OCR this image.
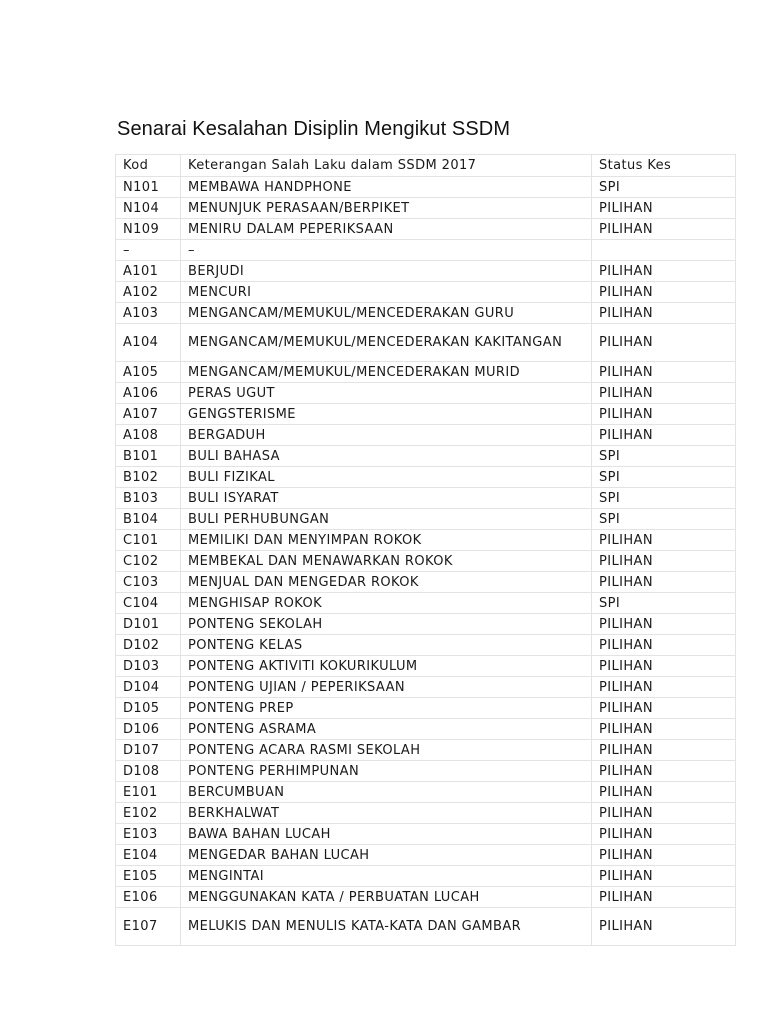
Senarai Kesalahan Disiplin Mengikut SSDM
Kod	Keterangan Salah Laku dalam SSDM 2017	Status Kes
N101	MEMBAWA HANDPHONE	SPI
N104	MENUNJUK PERASAAN/BERPIKET	PILIHAN
N109	MENIRU DALAM PEPERIKSAAN	PILIHAN
–	–	
A101	BERJUDI	PILIHAN
A102	MENCURI	PILIHAN
A103	MENGANCAM/MEMUKUL/MENCEDERAKAN GURU	PILIHAN
A104	MENGANCAM/MEMUKUL/MENCEDERAKAN KAKITANGAN	PILIHAN
A105	MENGANCAM/MEMUKUL/MENCEDERAKAN MURID	PILIHAN
A106	PERAS UGUT	PILIHAN
A107	GENGSTERISME	PILIHAN
A108	BERGADUH	PILIHAN
B101	BULI BAHASA	SPI
B102	BULI FIZIKAL	SPI
B103	BULI ISYARAT	SPI
B104	BULI PERHUBUNGAN	SPI
C101	MEMILIKI DAN MENYIMPAN ROKOK	PILIHAN
C102	MEMBEKAL DAN MENAWARKAN ROKOK	PILIHAN
C103	MENJUAL DAN MENGEDAR ROKOK	PILIHAN
C104	MENGHISAP ROKOK	SPI
D101	PONTENG SEKOLAH	PILIHAN
D102	PONTENG KELAS	PILIHAN
D103	PONTENG AKTIVITI KOKURIKULUM	PILIHAN
D104	PONTENG UJIAN / PEPERIKSAAN	PILIHAN
D105	PONTENG PREP	PILIHAN
D106	PONTENG ASRAMA	PILIHAN
D107	PONTENG ACARA RASMI SEKOLAH	PILIHAN
D108	PONTENG PERHIMPUNAN	PILIHAN
E101	BERCUMBUAN	PILIHAN
E102	BERKHALWAT	PILIHAN
E103	BAWA BAHAN LUCAH	PILIHAN
E104	MENGEDAR BAHAN LUCAH	PILIHAN
E105	MENGINTAI	PILIHAN
E106	MENGGUNAKAN KATA / PERBUATAN LUCAH	PILIHAN
E107	MELUKIS DAN MENULIS KATA-KATA DAN GAMBAR	PILIHAN
